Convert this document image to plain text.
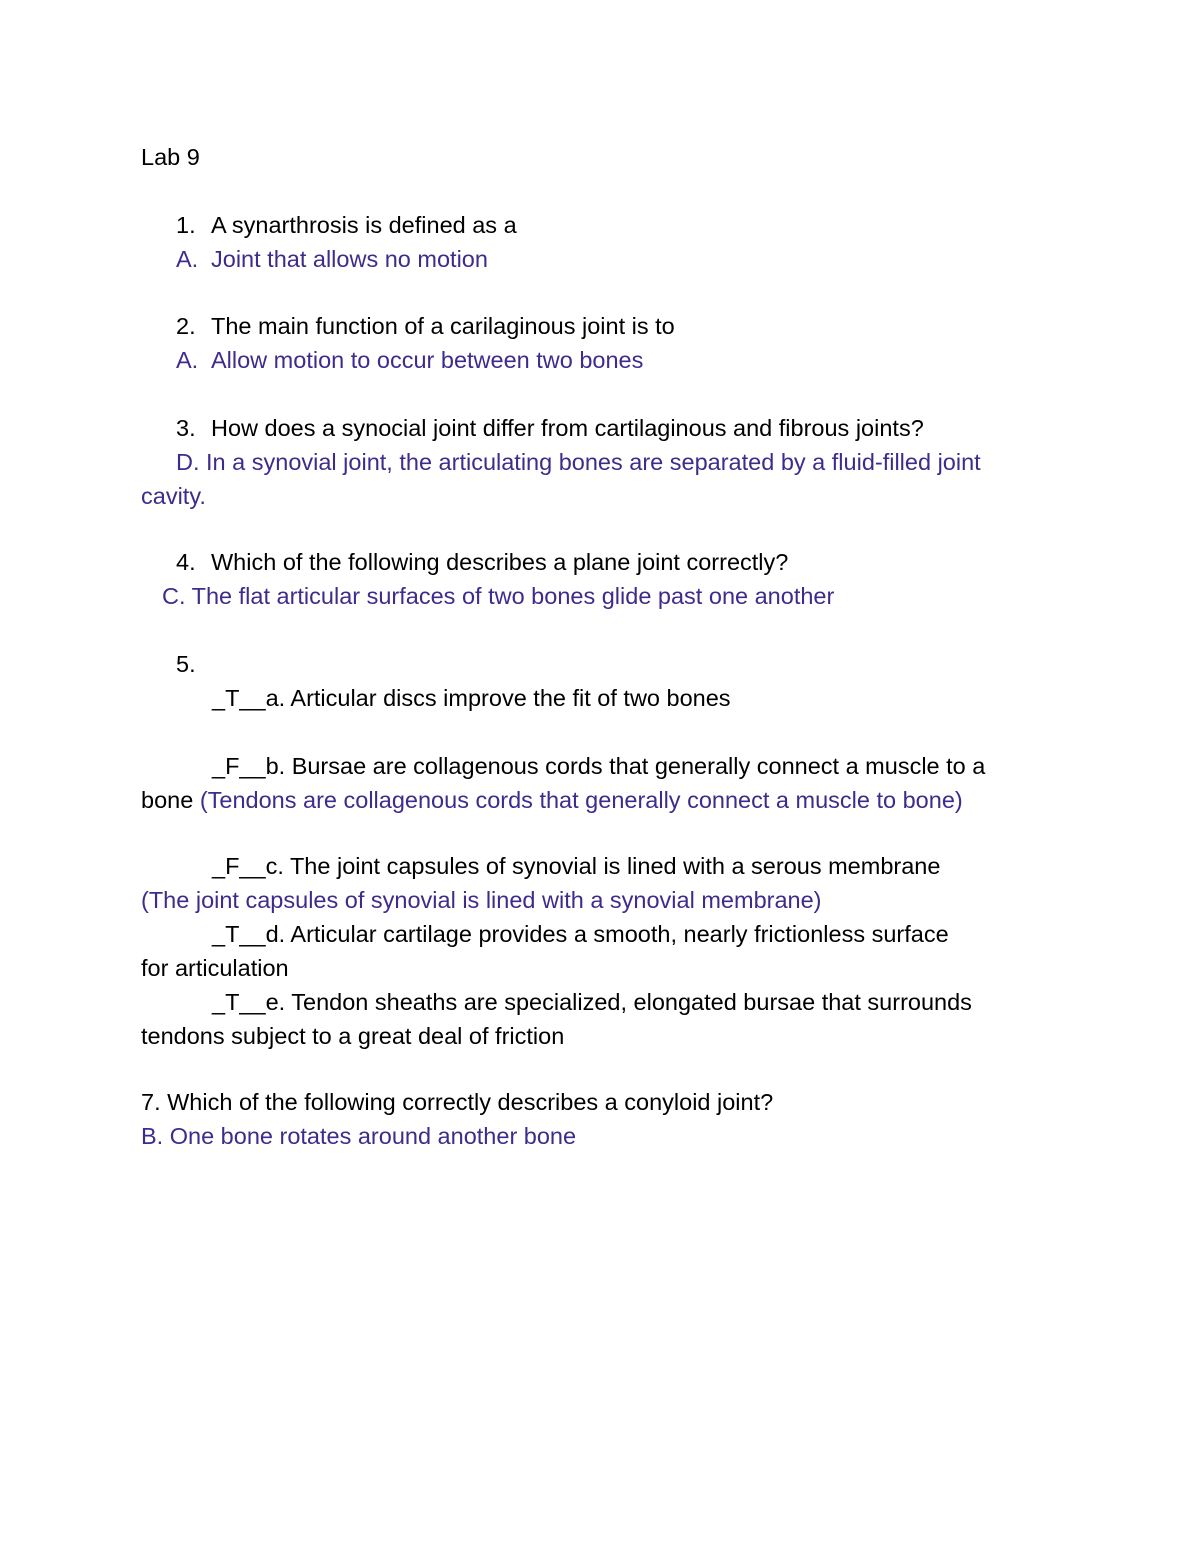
Lab 9
1. A synarthrosis is defined as a
A. Joint that allows no motion
2. The main function of a carilaginous joint is to
A. Allow motion to occur between two bones
3. How does a synocial joint differ from cartilaginous and fibrous joints?
D. In a synovial joint, the articulating bones are separated by a fluid-filled joint
cavity.
4. Which of the following describes a plane joint correctly?
C. The flat articular surfaces of two bones glide past one another
5.
_T__a. Articular discs improve the fit of two bones
_F__b. Bursae are collagenous cords that generally connect a muscle to a
bone (Tendons are collagenous cords that generally connect a muscle to bone)
_F__c. The joint capsules of synovial is lined with a serous membrane
(The joint capsules of synovial is lined with a synovial membrane)
_T__d. Articular cartilage provides a smooth, nearly frictionless surface
for articulation
_T__e. Tendon sheaths are specialized, elongated bursae that surrounds
tendons subject to a great deal of friction
7. Which of the following correctly describes a conyloid joint?
B. One bone rotates around another bone
